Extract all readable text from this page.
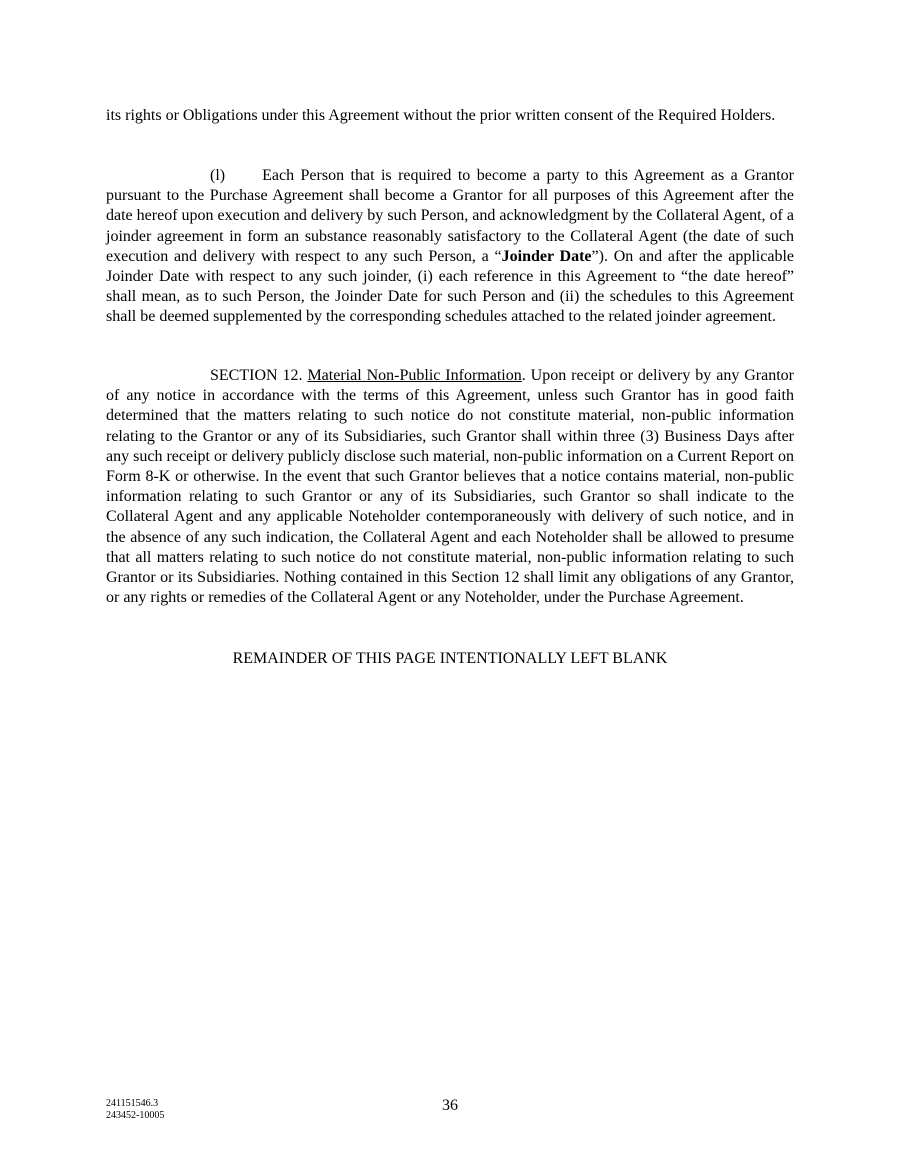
its rights or Obligations under this Agreement without the prior written consent of the Required Holders.

(l) Each Person that is required to become a party to this Agreement as a Grantor pursuant to the Purchase Agreement shall become a Grantor for all purposes of this Agreement after the date hereof upon execution and delivery by such Person, and acknowledgment by the Collateral Agent, of a joinder agreement in form an substance reasonably satisfactory to the Collateral Agent (the date of such execution and delivery with respect to any such Person, a “Joinder Date”). On and after the applicable Joinder Date with respect to any such joinder, (i) each reference in this Agreement to “the date hereof” shall mean, as to such Person, the Joinder Date for such Person and (ii) the schedules to this Agreement shall be deemed supplemented by the corresponding schedules attached to the related joinder agreement.

SECTION 12. Material Non-Public Information. Upon receipt or delivery by any Grantor of any notice in accordance with the terms of this Agreement, unless such Grantor has in good faith determined that the matters relating to such notice do not constitute material, non-public information relating to the Grantor or any of its Subsidiaries, such Grantor shall within three (3) Business Days after any such receipt or delivery publicly disclose such material, non-public information on a Current Report on Form 8-K or otherwise. In the event that such Grantor believes that a notice contains material, non-public information relating to such Grantor or any of its Subsidiaries, such Grantor so shall indicate to the Collateral Agent and any applicable Noteholder contemporaneously with delivery of such notice, and in the absence of any such indication, the Collateral Agent and each Noteholder shall be allowed to presume that all matters relating to such notice do not constitute material, non-public information relating to such Grantor or its Subsidiaries. Nothing contained in this Section 12 shall limit any obligations of any Grantor, or any rights or remedies of the Collateral Agent or any Noteholder, under the Purchase Agreement.

REMAINDER OF THIS PAGE INTENTIONALLY LEFT BLANK

241151546.3
243452-10005
36
